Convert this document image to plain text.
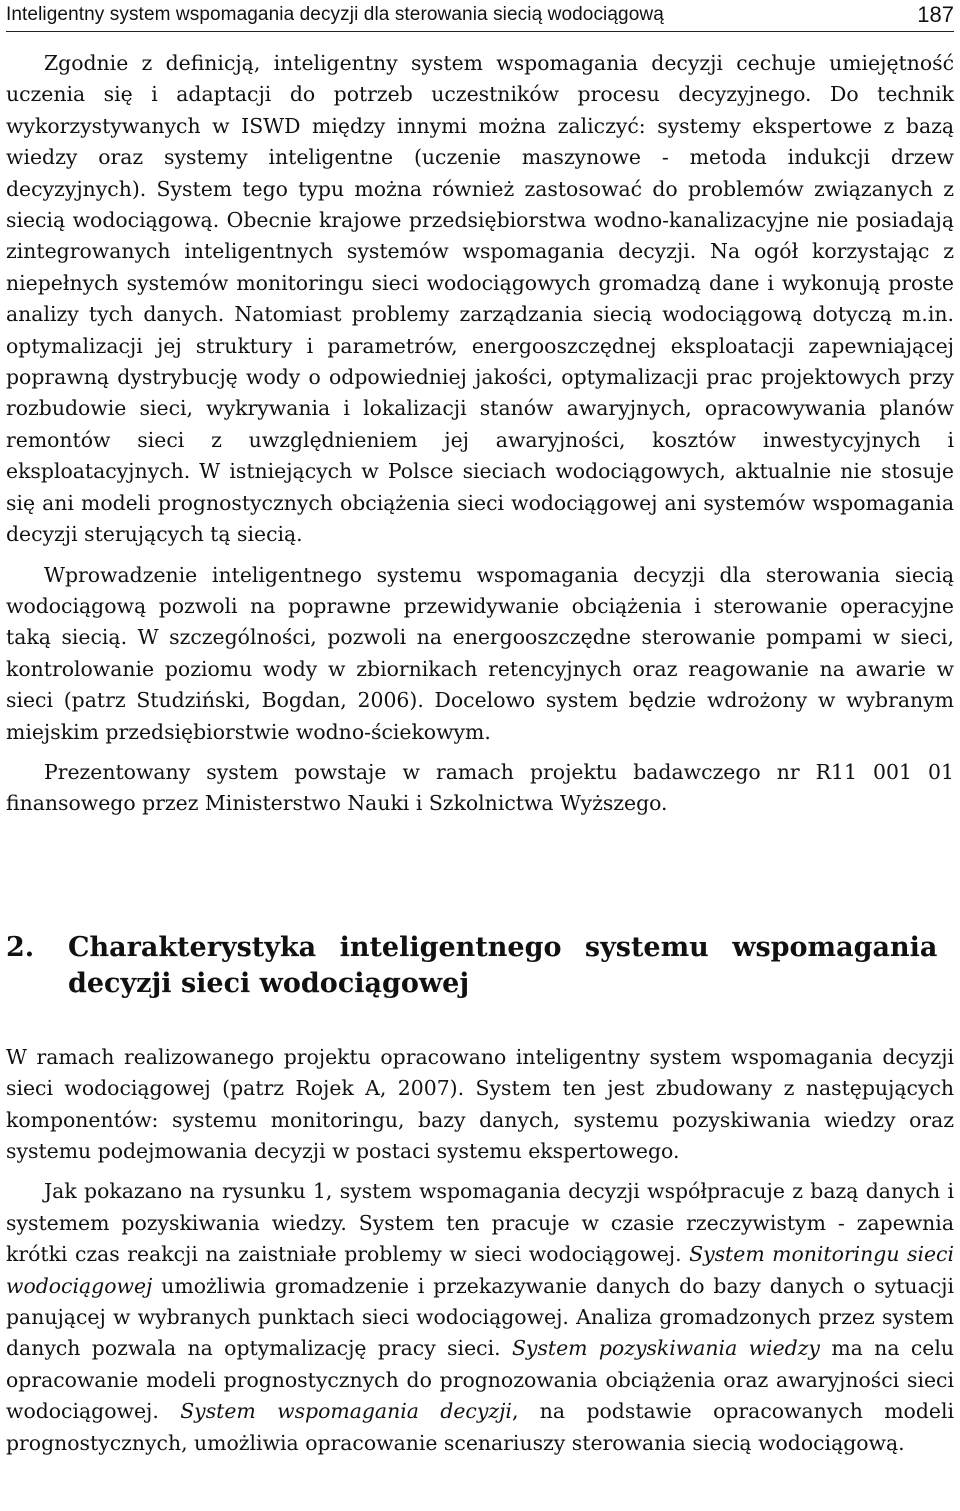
Inteligentny system wspomagania decyzji dla sterowania siecią wodociągową	187

Zgodnie z definicją, inteligentny system wspomagania decyzji cechuje umiejętność uczenia się i adaptacji do potrzeb uczestników procesu decyzyjnego. Do technik wykorzystywanych w ISWD między innymi można zaliczyć: systemy ekspertowe z bazą wiedzy oraz systemy inteligentne (uczenie maszynowe - metoda indukcji drzew decyzyjnych). System tego typu można również zastosować do problemów związanych z siecią wodociągową. Obecnie krajowe przedsiębiorstwa wodno-kanalizacyjne nie posiadają zintegrowanych inteligentnych systemów wspomagania decyzji. Na ogół korzystając z niepełnych systemów monitoringu sieci wodociągowych gromadzą dane i wykonują proste analizy tych danych. Natomiast problemy zarządzania siecią wodociągową dotyczą m.in. optymalizacji jej struktury i parametrów, energooszczędnej eksploatacji zapewniającej poprawną dystrybucję wody o odpowiedniej jakości, optymalizacji prac projektowych przy rozbudowie sieci, wykrywania i lokalizacji stanów awaryjnych, opracowywania planów remontów sieci z uwzględnieniem jej awaryjności, kosztów inwestycyjnych i eksploatacyjnych. W istniejących w Polsce sieciach wodociągowych, aktualnie nie stosuje się ani modeli prognostycznych obciążenia sieci wodociągowej ani systemów wspomagania decyzji sterujących tą siecią.

Wprowadzenie inteligentnego systemu wspomagania decyzji dla sterowania siecią wodociągową pozwoli na poprawne przewidywanie obciążenia i sterowanie operacyjne taką siecią. W szczególności, pozwoli na energooszczędne sterowanie pompami w sieci, kontrolowanie poziomu wody w zbiornikach retencyjnych oraz reagowanie na awarie w sieci (patrz Studziński, Bogdan, 2006). Docelowo system będzie wdrożony w wybranym miejskim przedsiębiorstwie wodno-ściekowym.

Prezentowany system powstaje w ramach projektu badawczego nr R11 001 01 finansowego przez Ministerstwo Nauki i Szkolnictwa Wyższego.

2.	Charakterystyka inteligentnego systemu wspomagania
decyzji sieci wodociągowej

W ramach realizowanego projektu opracowano inteligentny system wspomagania decyzji sieci wodociągowej (patrz Rojek A, 2007). System ten jest zbudowany z następujących komponentów: systemu monitoringu, bazy danych, systemu pozyskiwania wiedzy oraz systemu podejmowania decyzji w postaci systemu ekspertowego.

Jak pokazano na rysunku 1, system wspomagania decyzji współpracuje z bazą danych i systemem pozyskiwania wiedzy. System ten pracuje w czasie rzeczywistym - zapewnia krótki czas reakcji na zaistniałe problemy w sieci wodociągowej. System monitoringu sieci wodociągowej umożliwia gromadzenie i przekazywanie danych do bazy danych o sytuacji panującej w wybranych punktach sieci wodociągowej. Analiza gromadzonych przez system danych pozwala na optymalizację pracy sieci. System pozyskiwania wiedzy ma na celu opracowanie modeli prognostycznych do prognozowania obciążenia oraz awaryjności sieci wodociągowej. System wspomagania decyzji, na podstawie opracowanych modeli prognostycznych, umożliwia opracowanie scenariuszy sterowania siecią wodociągową.
